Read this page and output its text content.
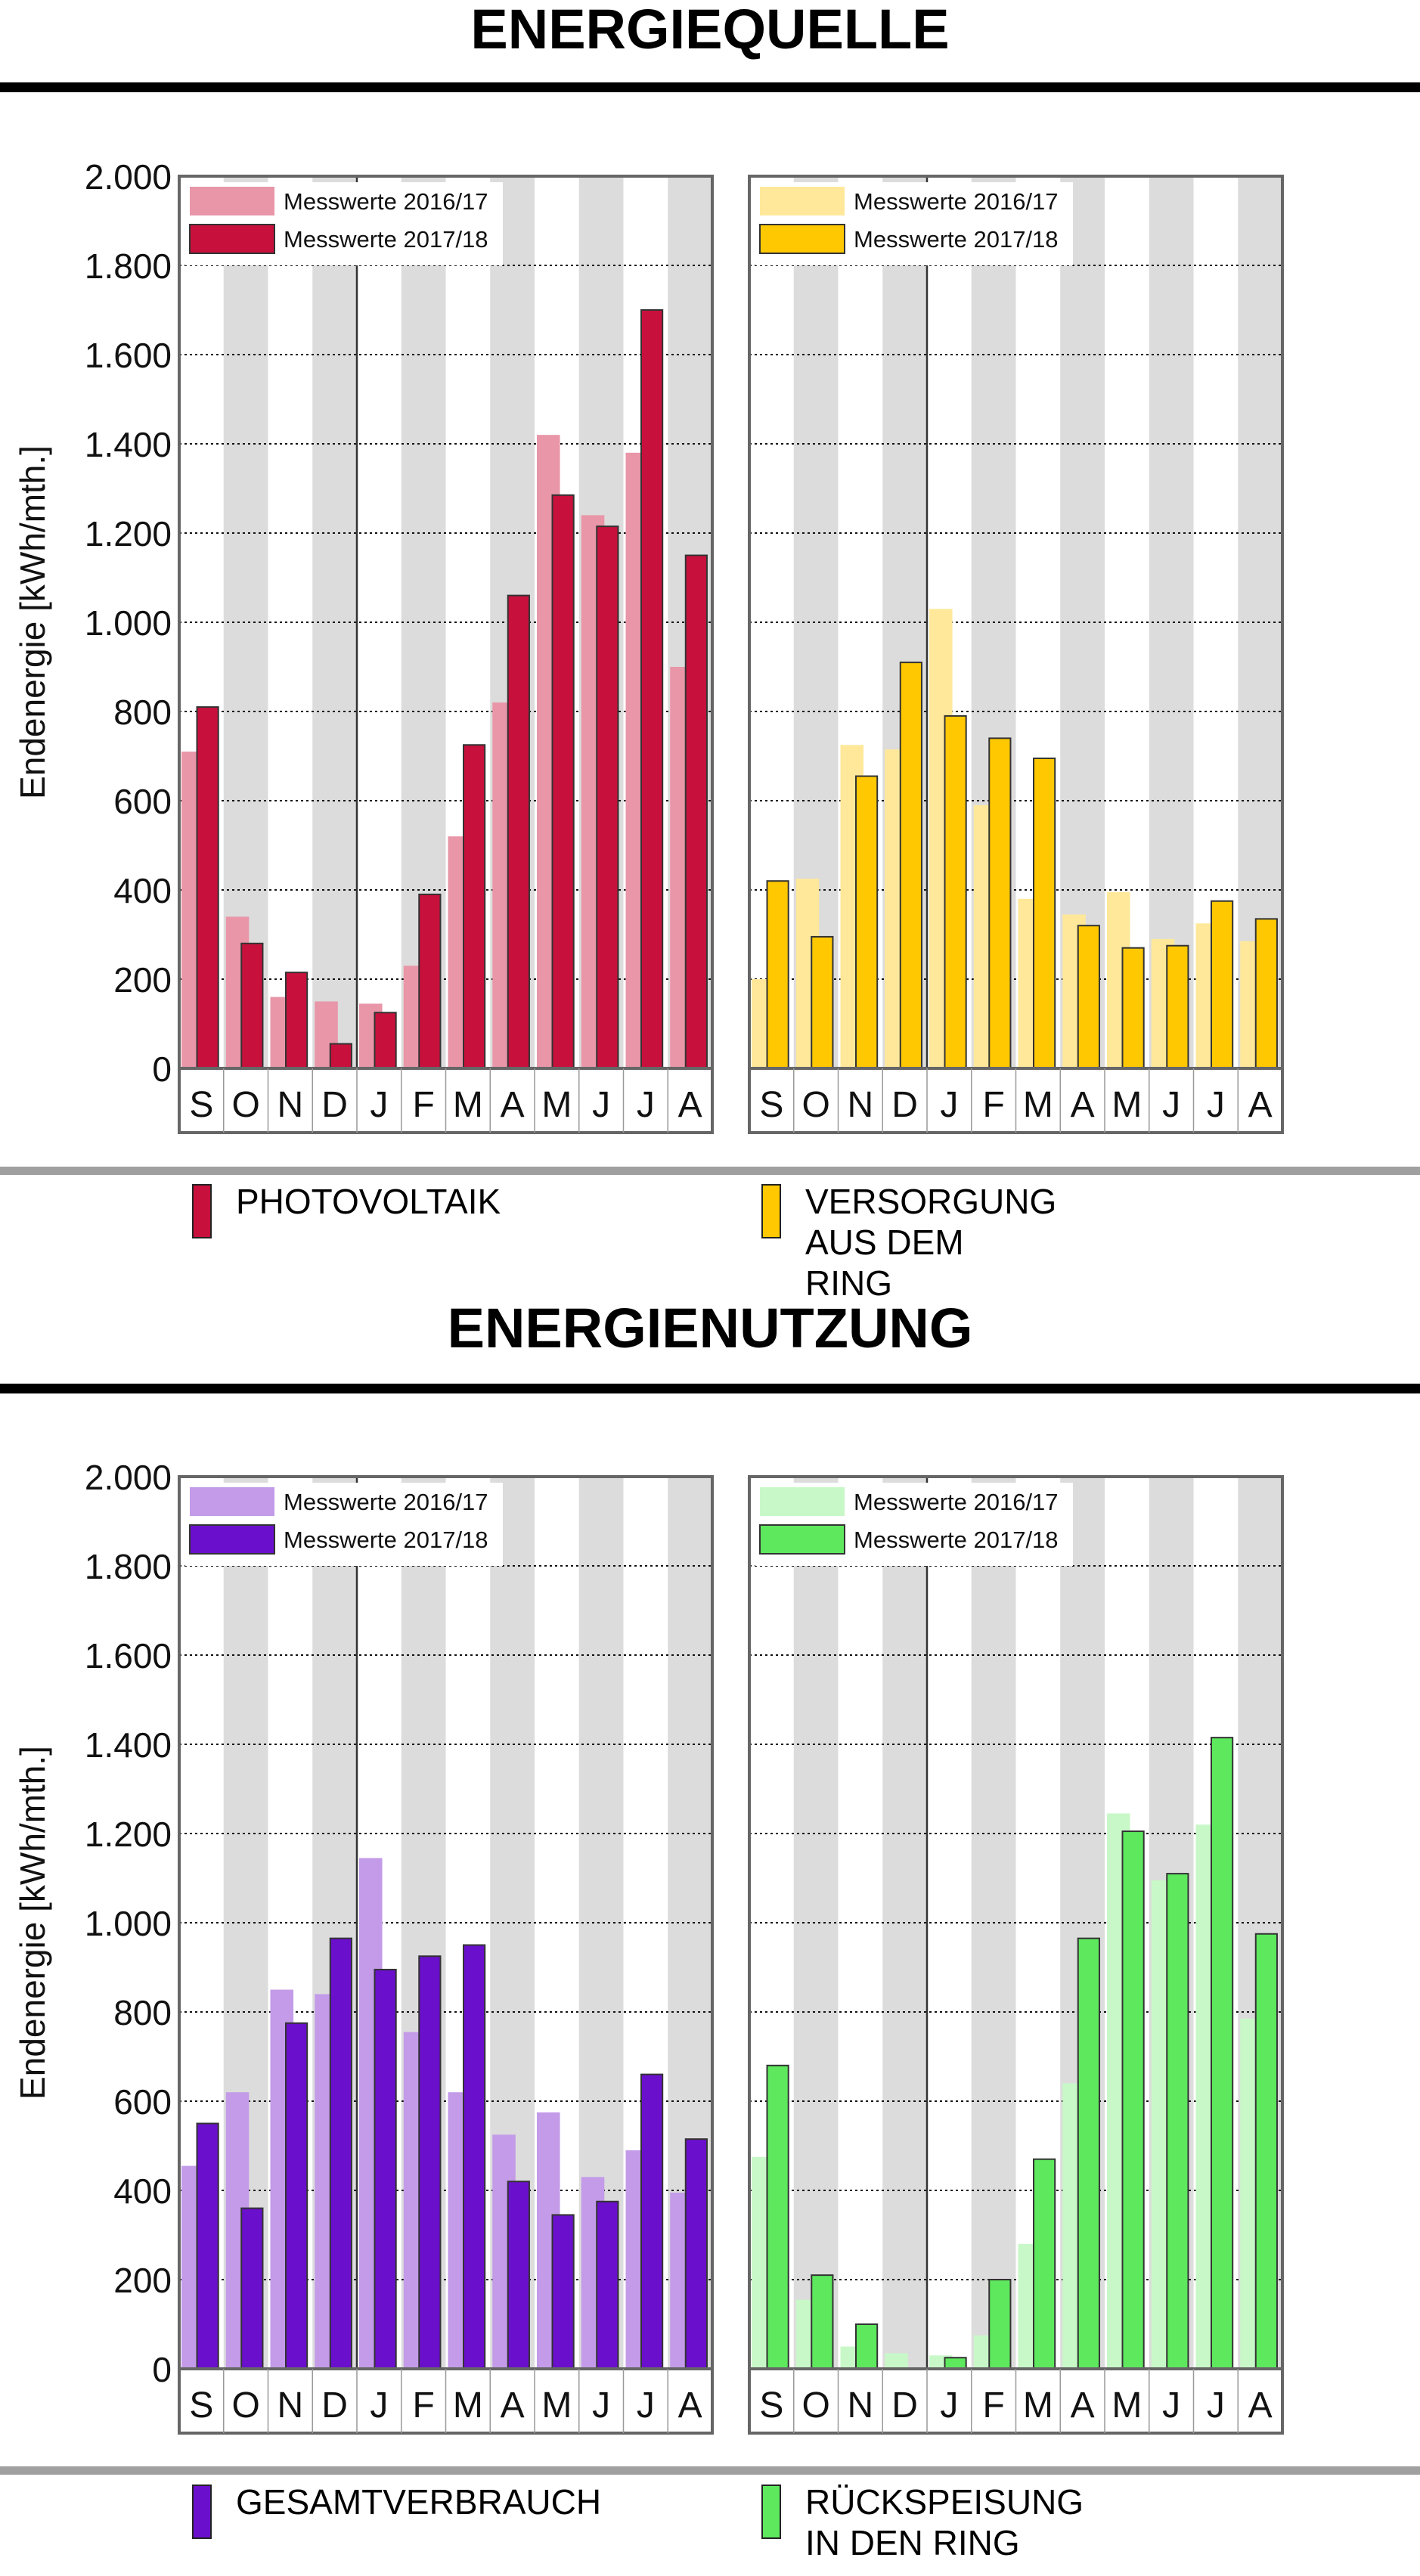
ENERGIEQUELLE
PHOTOVOLTAIK	VERSORGUNG
AUS DEM RING
ENERGIENUTZUNG
GESAMTVERBRAUCH	RÜCKSPEISUNG
IN DEN RING
S O N D J F M A M J J A
0
200
400
600
800
1.000
1.200
1.400
1.600
1.800
2.000
Endenergie [kWh/mth.]
Messwerte 2016/17
Messwerte 2017/18
S O N D J F M A M J J A
Messwerte 2016/17
Messwerte 2017/18
S O N D J F M A M J J A
0
200
400
600
800
1.000
1.200
1.400
1.600
1.800
2.000
Endenergie [kWh/mth.]
Messwerte 2016/17
Messwerte 2017/18
S O N D J F M A M J J A
Messwerte 2016/17
Messwerte 2017/18
